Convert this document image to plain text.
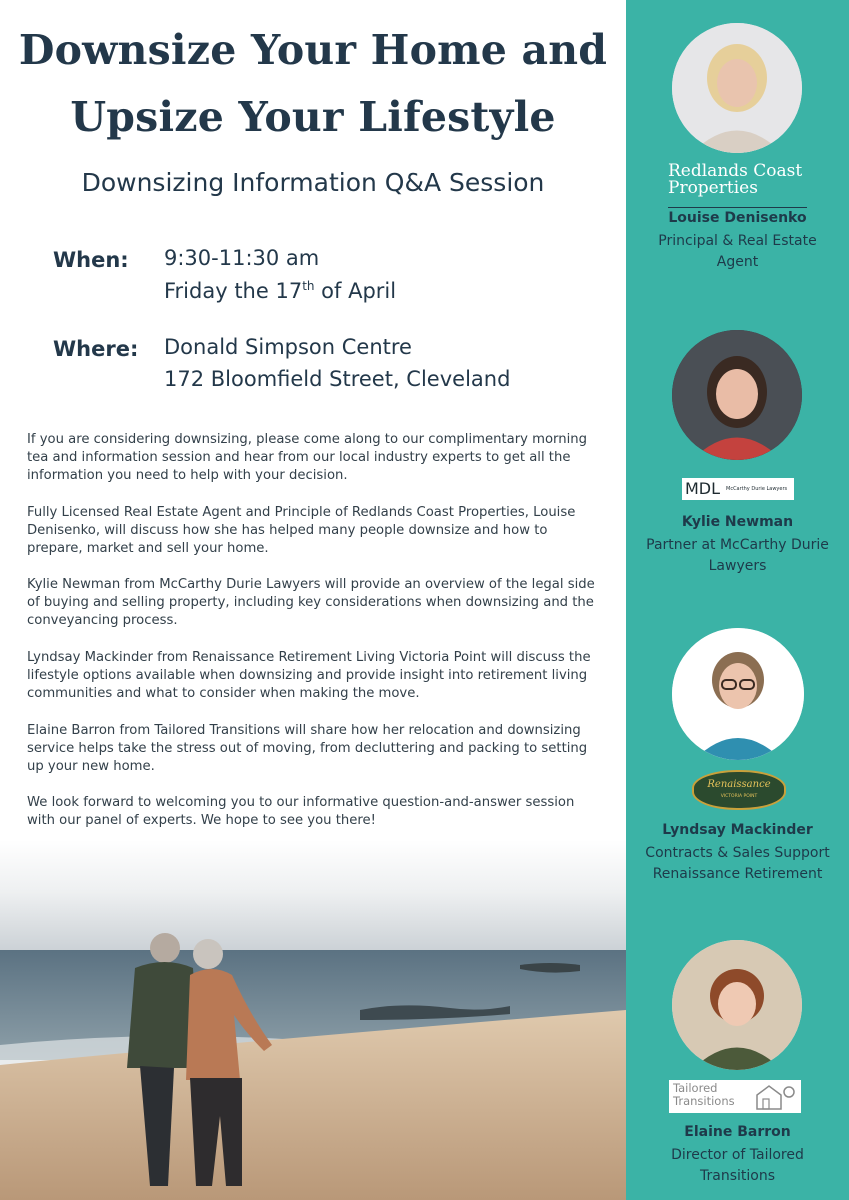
Downsize Your Home and
Upsize Your Lifestyle
Downsizing Information Q&A Session
When: 9:30-11:30 am
Friday the 17th of April
Where: Donald Simpson Centre
172 Bloomfield Street, Cleveland
If you are considering downsizing, please come along to our complimentary morning tea and information session and hear from our local industry experts to get all the information you need to help with your decision.
Fully Licensed Real Estate Agent and Principle of Redlands Coast Properties, Louise Denisenko, will discuss how she has helped many people downsize and how to prepare, market and sell your home.
Kylie Newman from McCarthy Durie Lawyers will provide an overview of the legal side of buying and selling property, including key considerations when downsizing and the conveyancing process.
Lyndsay Mackinder from Renaissance Retirement Living Victoria Point will discuss the lifestyle options available when downsizing and provide insight into retirement living communities and what to consider when making the move.
Elaine Barron from Tailored Transitions will share how her relocation and downsizing service helps take the stress out of moving, from decluttering and packing to setting up your new home.
We look forward to welcoming you to our informative question-and-answer session with our panel of experts. We hope to see you there!
Redlands Coast
Properties
Louise Denisenko
Principal & Real Estate
Agent
MDL McCarthy Durie Lawyers
Kylie Newman
Partner at McCarthy Durie
Lawyers
Renaissance
VICTORIA POINT
Lyndsay Mackinder
Contracts & Sales Support
Renaissance Retirement
Tailored
Transitions
Elaine Barron
Director of Tailored
Transitions
